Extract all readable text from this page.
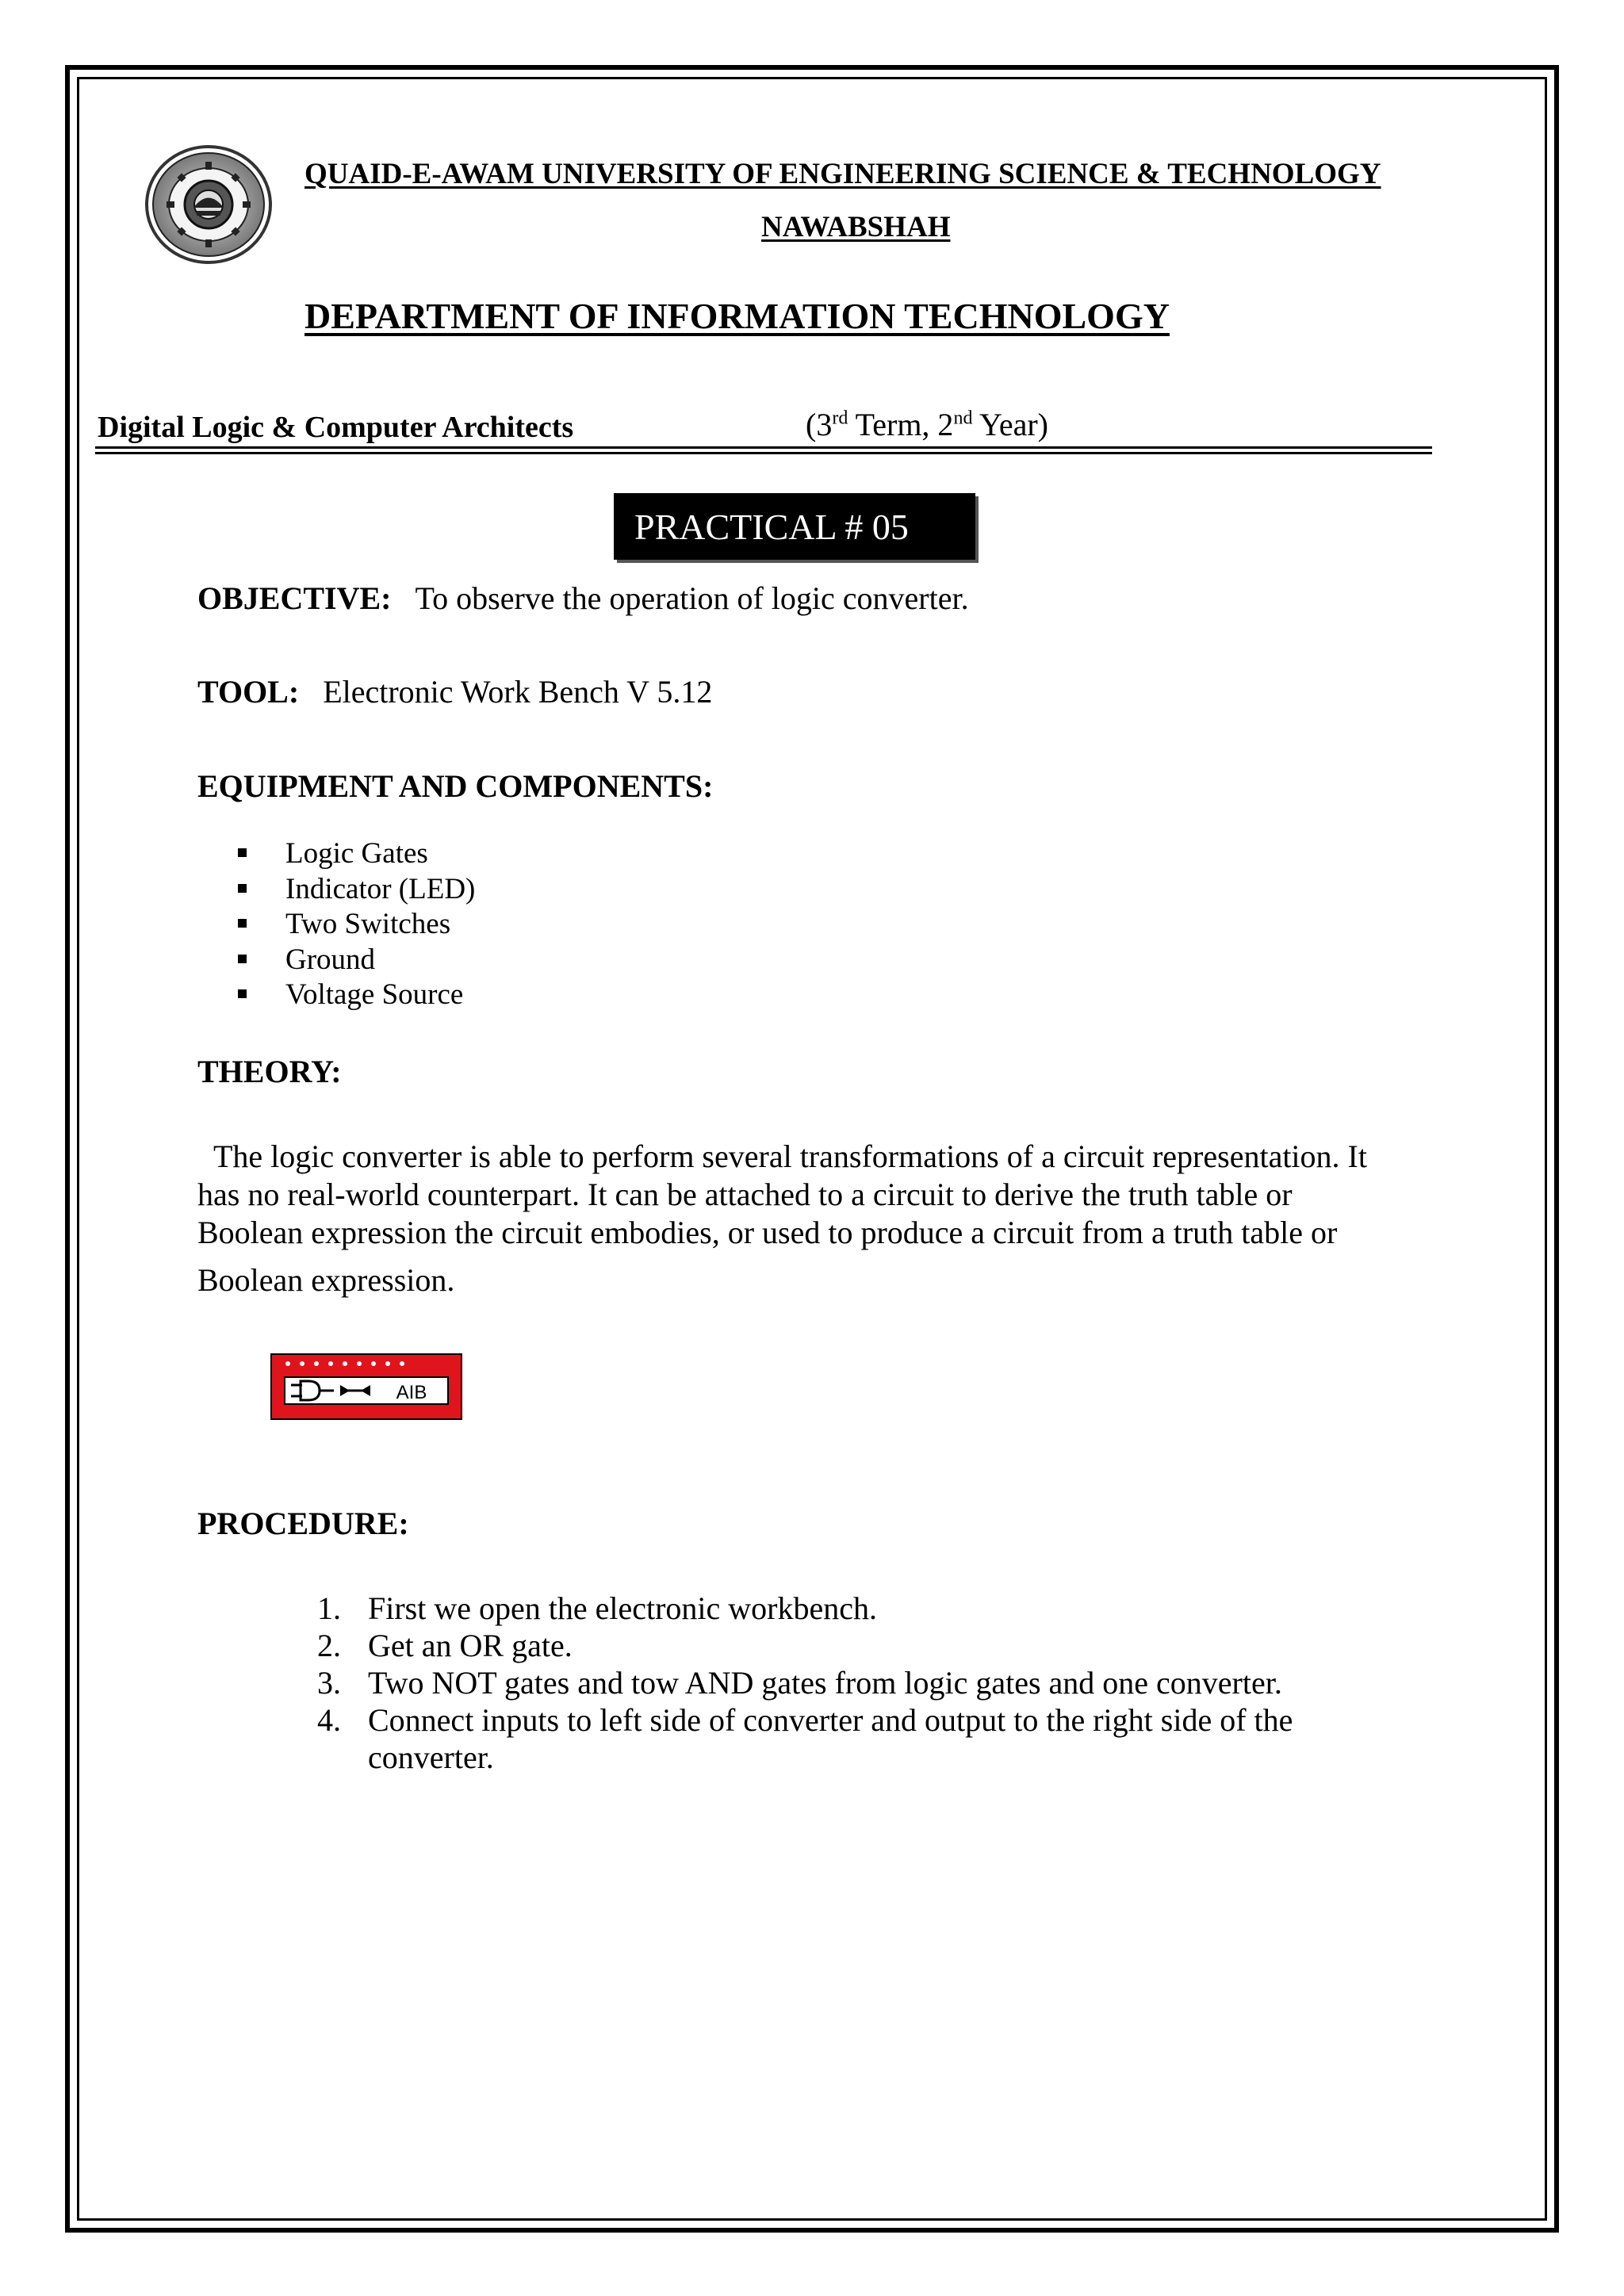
QUAID-E-AWAM UNIVERSITY OF ENGINEERING SCIENCE & TECHNOLOGY
NAWABSHAH
DEPARTMENT OF INFORMATION TECHNOLOGY
Digital Logic & Computer Architects	(3rd Term, 2nd Year)
PRACTICAL # 05
OBJECTIVE: To observe the operation of logic converter.
TOOL: Electronic Work Bench V 5.12
EQUIPMENT AND COMPONENTS:
Logic Gates
Indicator (LED)
Two Switches
Ground
Voltage Source
THEORY:
The logic converter is able to perform several transformations of a circuit representation. It
has no real-world counterpart. It can be attached to a circuit to derive the truth table or
Boolean expression the circuit embodies, or used to produce a circuit from a truth table or
Boolean expression.
AIB
PROCEDURE:
1. First we open the electronic workbench.
2. Get an OR gate.
3. Two NOT gates and tow AND gates from logic gates and one converter.
4. Connect inputs to left side of converter and output to the right side of the
converter.
